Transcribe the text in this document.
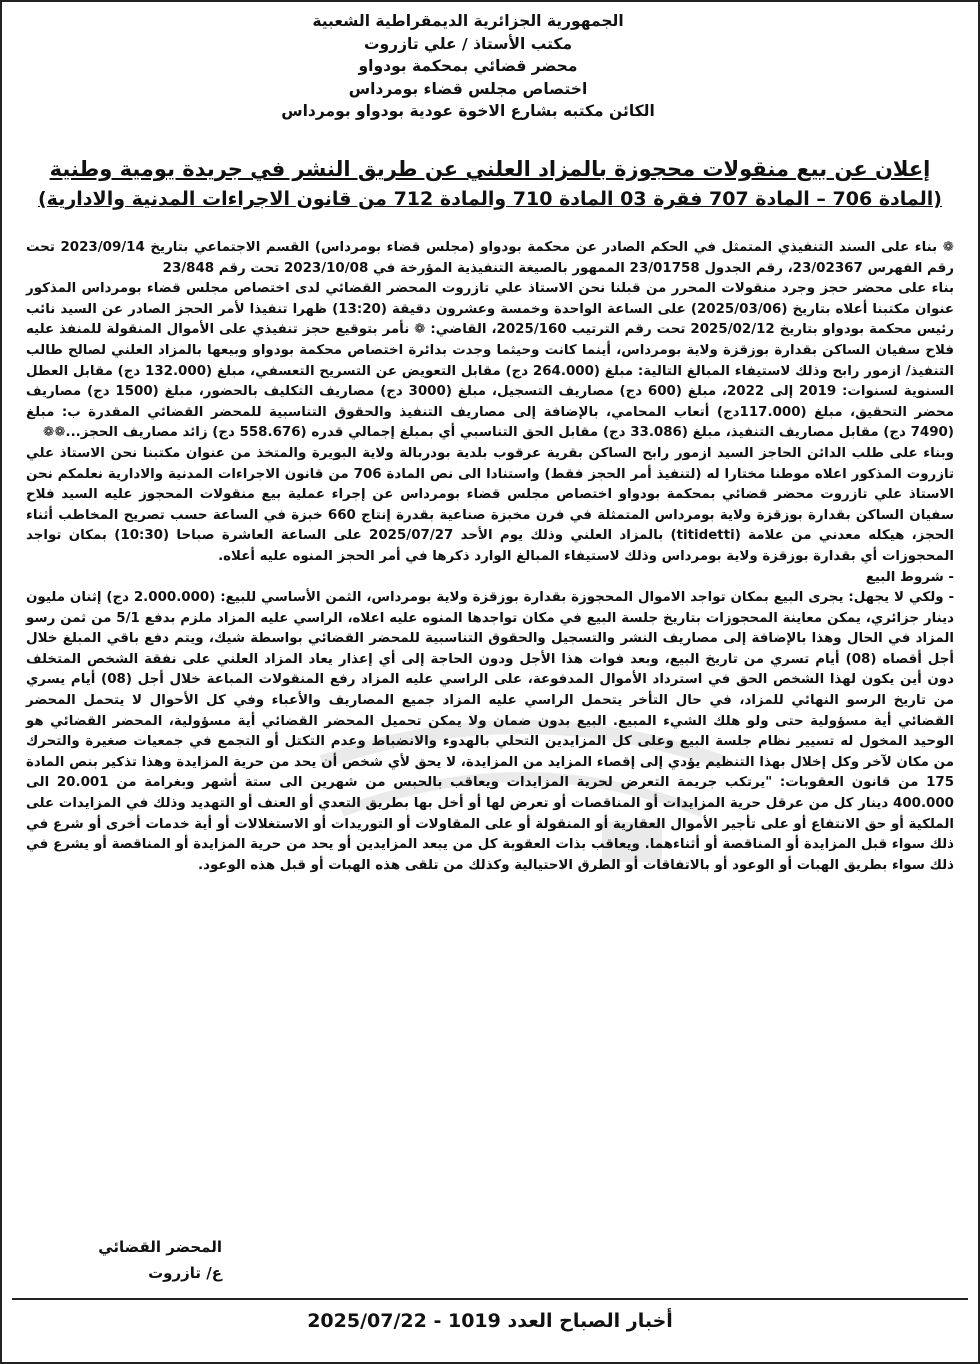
الجمهورية الجزائرية الديمقراطية الشعبية
مكتب الأستاذ / علي تازروت
محضر قضائي بمحكمة بودواو
اختصاص مجلس قضاء بومرداس
الكائن مكتبه بشارع الاخوة عودية بودواو بومرداس
إعلان عن بيع منقولات محجوزة بالمزاد العلني عن طريق النشر في جريدة يومية وطنية
(المادة 706 – المادة 707 فقرة 03 المادة 710 والمادة 712 من قانون الاجراءات المدنية والادارية)

❁ بناء على السند التنفيذي المتمثل في الحكم الصادر عن محكمة بودواو (مجلس قضاء بومرداس) القسم الاجتماعي بتاريخ 2023/09/14 تحت رقم الفهرس 23/02367، رقم الجدول 23/01758 الممهور بالصيغة التنفيذية المؤرخة في 2023/10/08 تحت رقم 23/848

بناء على محضر حجز وجرد منقولات المحرر من قبلنا نحن الاستاذ علي تازروت المحضر القضائي لدى اختصاص مجلس قضاء بومرداس المذكور عنوان مكتبنا أعلاه بتاريخ (2025/03/06) على الساعة الواحدة وخمسة وعشرون دقيقة (13:20) ظهرا تنفيذا لأمر الحجز الصادر عن السيد نائب رئيس محكمة بودواو بتاريخ 2025/02/12 تحت رقم الترتيب 2025/160، القاضي: ❁ نأمر بتوقيع حجز تنفيذي على الأموال المنقولة للمنفذ عليه فلاح سفيان الساكن بقدارة بوزقزة ولاية بومرداس، أينما كانت وحيثما وجدت بدائرة اختصاص محكمة بودواو وبيعها بالمزاد العلني لصالح طالب التنفيذ/ ازمور رابح وذلك لاستيفاء المبالغ التالية: مبلغ (264.000 دج) مقابل التعويض عن التسريح التعسفي، مبلغ (132.000 دج) مقابل العطل السنوية لسنوات: 2019 إلى 2022، مبلغ (600 دج) مصاريف التسجيل، مبلغ (3000 دج) مصاريف التكليف بالحضور، مبلغ (1500 دج) مصاريف محضر التحقيق، مبلغ (117.000دج) أتعاب المحامي، بالإضافة إلى مصاريف التنفيذ والحقوق التناسبية للمحضر القضائي المقدرة ب: مبلغ (7490 دج) مقابل مصاريف التنفيذ، مبلغ (33.086 دج) مقابل الحق التناسبي أي بمبلغ إجمالي قدره (558.676 دج) زائد مصاريف الحجز...❁❁

وبناء على طلب الدائن الحاجز السيد ازمور رابح الساكن بقرية عرقوب بلدية بودربالة ولاية البويرة والمتخذ من عنوان مكتبنا نحن الاستاذ علي تازروت المذكور اعلاه موطنا مختارا له (لتنفيذ أمر الحجز فقط) واستنادا الى نص المادة 706 من قانون الاجراءات المدنية والادارية نعلمكم نحن الاستاذ علي تازروت محضر قضائي بمحكمة بودواو اختصاص مجلس قضاء بومرداس عن إجراء عملية بيع منقولات المحجوز عليه السيد فلاح سفيان الساكن بقدارة بوزقزة ولاية بومرداس المتمثلة في فرن مخبزة صناعية بقدرة إنتاج 660 خبزة في الساعة حسب تصريح المخاطب أثناء الحجز، هيكله معدني من علامة (titidetti) بالمزاد العلني وذلك يوم الأحد 2025/07/27 على الساعة العاشرة صباحا (10:30) بمكان تواجد المحجوزات أي بقدارة بوزقزة ولاية بومرداس وذلك لاستيفاء المبالغ الوارد ذكرها في أمر الحجز المنوه عليه أعلاه.

- شروط البيع

- ولكي لا يجهل: يجرى البيع بمكان تواجد الاموال المحجوزة بقدارة بوزقزة ولاية بومرداس، الثمن الأساسي للبيع: (2.000.000 دج) إثنان مليون دينار جزائري، يمكن معاينة المحجوزات بتاريخ جلسة البيع في مكان تواجدها المنوه عليه اعلاه، الراسي عليه المزاد ملزم بدفع 5/1 من ثمن رسو المزاد في الحال وهذا بالإضافة إلى مصاريف النشر والتسجيل والحقوق التناسبية للمحضر القضائي بواسطة شيك، ويتم دفع باقي المبلغ خلال أجل أقصاه (08) أيام تسري من تاريخ البيع، وبعد فوات هذا الأجل ودون الحاجة إلى أي إعذار يعاد المزاد العلني على نفقة الشخص المتخلف دون أين يكون لهذا الشخص الحق في استرداد الأموال المدفوعة، على الراسي عليه المزاد رفع المنقولات المباعة خلال أجل (08) أيام يسري من تاريخ الرسو النهائي للمزاد، في حال التأخر يتحمل الراسي عليه المزاد جميع المصاريف والأعباء وفي كل الأحوال لا يتحمل المحضر القضائي أية مسؤولية حتى ولو هلك الشيء المبيع. البيع بدون ضمان ولا يمكن تحميل المحضر القضائي أية مسؤولية، المحضر القضائي هو الوحيد المخول له تسيير نظام جلسة البيع وعلى كل المزايدين التحلي بالهدوء والانضباط وعدم التكتل أو التجمع في جمعيات صغيرة والتحرك من مكان لآخر وكل إخلال بهذا التنظيم يؤدي إلى إقصاء المزايد من المزايدة، لا يحق لأي شخص أن يحد من حرية المزايدة وهذا تذكير بنص المادة 175 من قانون العقوبات: "يرتكب جريمة التعرض لحرية المزايدات ويعاقب بالحبس من شهرين الى ستة أشهر وبغرامة من 20.001 الى 400.000 دينار كل من عرقل حرية المزايدات أو المناقصات أو تعرض لها أو أخل بها بطريق التعدي أو العنف أو التهديد وذلك في المزايدات على الملكية أو حق الانتفاع أو على تأجير الأموال العقارية أو المنقولة أو على المقاولات أو التوريدات أو الاستغلالات أو أية خدمات أخرى أو شرع في ذلك سواء قبل المزايدة أو المناقصة أو أثناءهما. ويعاقب بذات العقوبة كل من يبعد المزايدين أو يحد من حرية المزايدة أو المناقصة أو يشرع في ذلك سواء بطريق الهبات أو الوعود أو بالاتفاقات أو الطرق الاحتيالية وكذلك من تلقى هذه الهبات أو قبل هذه الوعود.

المحضر القضائي
ع/ تازروت
أخبار الصباح العدد 1019 - 2025/07/22
